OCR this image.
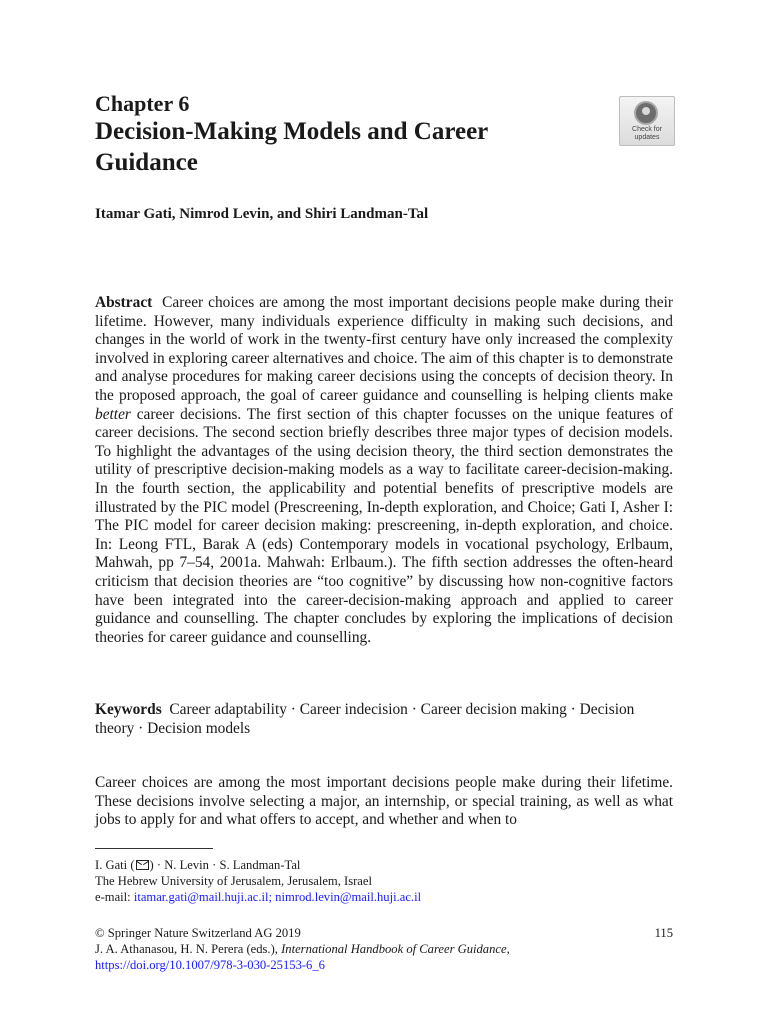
Chapter 6
Decision-Making Models and Career Guidance
Check for updates
Itamar Gati, Nimrod Levin, and Shiri Landman-Tal
Abstract Career choices are among the most important decisions people make during their lifetime. However, many individuals experience difficulty in making such decisions, and changes in the world of work in the twenty-first century have only increased the complexity involved in exploring career alternatives and choice. The aim of this chapter is to demonstrate and analyse procedures for making career decisions using the concepts of decision theory. In the proposed approach, the goal of career guidance and counselling is helping clients make better career decisions. The first section of this chapter focusses on the unique features of career decisions. The second section briefly describes three major types of decision models. To highlight the advantages of the using decision theory, the third section demonstrates the utility of prescriptive decision-making models as a way to facilitate career-decision-making. In the fourth section, the applicability and potential benefits of prescriptive models are illustrated by the PIC model (Prescreening, In-depth exploration, and Choice; Gati I, Asher I: The PIC model for career decision making: prescreening, in-depth exploration, and choice. In: Leong FTL, Barak A (eds) Contemporary models in vocational psychology, Erlbaum, Mahwah, pp 7–54, 2001a. Mahwah: Erlbaum.). The fifth section addresses the often-heard criticism that decision theories are “too cognitive” by discussing how non-cognitive factors have been integrated into the career-decision-making approach and applied to career guidance and counselling. The chapter concludes by exploring the implications of decision theories for career guidance and counselling.
Keywords Career adaptability · Career indecision · Career decision making · Decision theory · Decision models
Career choices are among the most important decisions people make during their lifetime. These decisions involve selecting a major, an internship, or special training, as well as what jobs to apply for and what offers to accept, and whether and when to
I. Gati ( ) · N. Levin · S. Landman-Tal
The Hebrew University of Jerusalem, Jerusalem, Israel
e-mail: itamar.gati@mail.huji.ac.il; nimrod.levin@mail.huji.ac.il
© Springer Nature Switzerland AG 2019
J. A. Athanasou, H. N. Perera (eds.), International Handbook of Career Guidance,
https://doi.org/10.1007/978-3-030-25153-6_6
115
